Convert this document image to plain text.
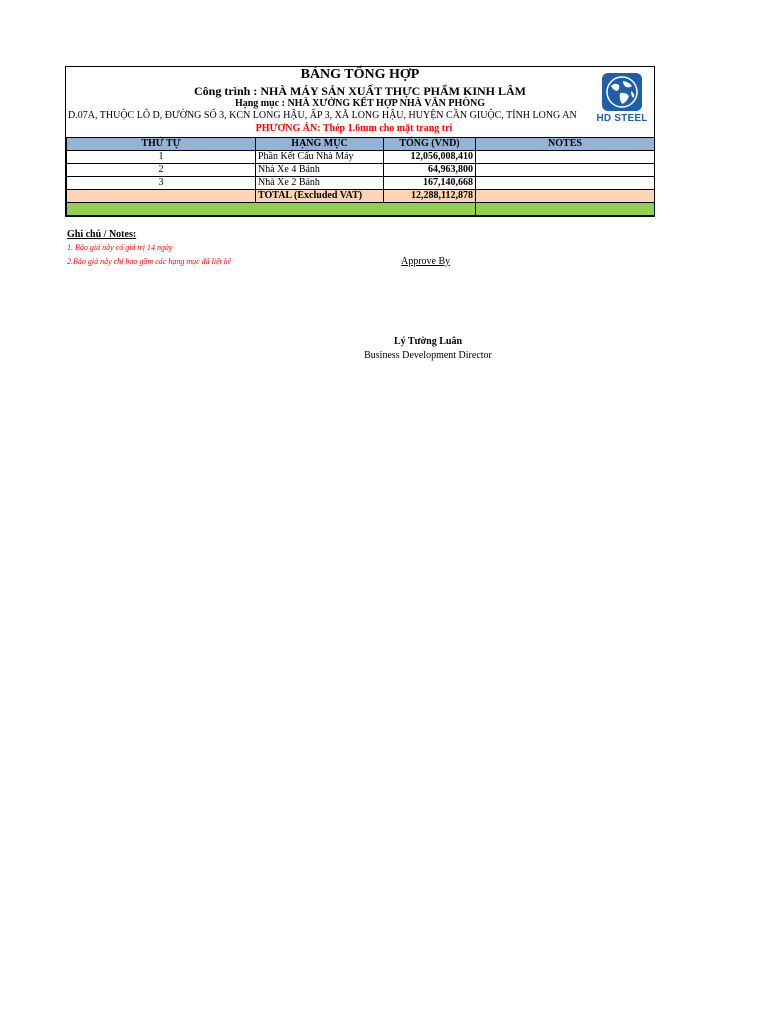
BẢNG TỔNG HỢP
Công trình : NHÀ MÁY SẢN XUẤT THỰC PHẨM KINH LÂM
Hạng mục : NHÀ XƯỞNG KẾT HỢP NHÀ VĂN PHÒNG
D.07A, THUỘC LÔ D, ĐƯỜNG SỐ 3, KCN LONG HẬU, ẤP 3, XÃ LONG HẬU, HUYỆN CẦN GIUỘC, TỈNH LONG AN
PHƯƠNG ÁN: Thép 1.6mm cho mặt trang trí
HD STEEL
THỨ TỰ	HẠNG MỤC	TỔNG (VND)	NOTES
1	Phần Kết Cấu Nhà Máy	12,056,008,410	
2	Nhà Xe 4 Bánh	64,963,800	
3	Nhà Xe 2 Bánh	167,140,668	
	TOTAL (Excluded VAT)	12,288,112,878	

Ghi chú / Notes:
1. Báo giá này có giá trị 14 ngày
2.Báo giá này chỉ bao gồm các hạng mục đã liệt kê	Approve By
Lý Tường Luân
Business Development Director
